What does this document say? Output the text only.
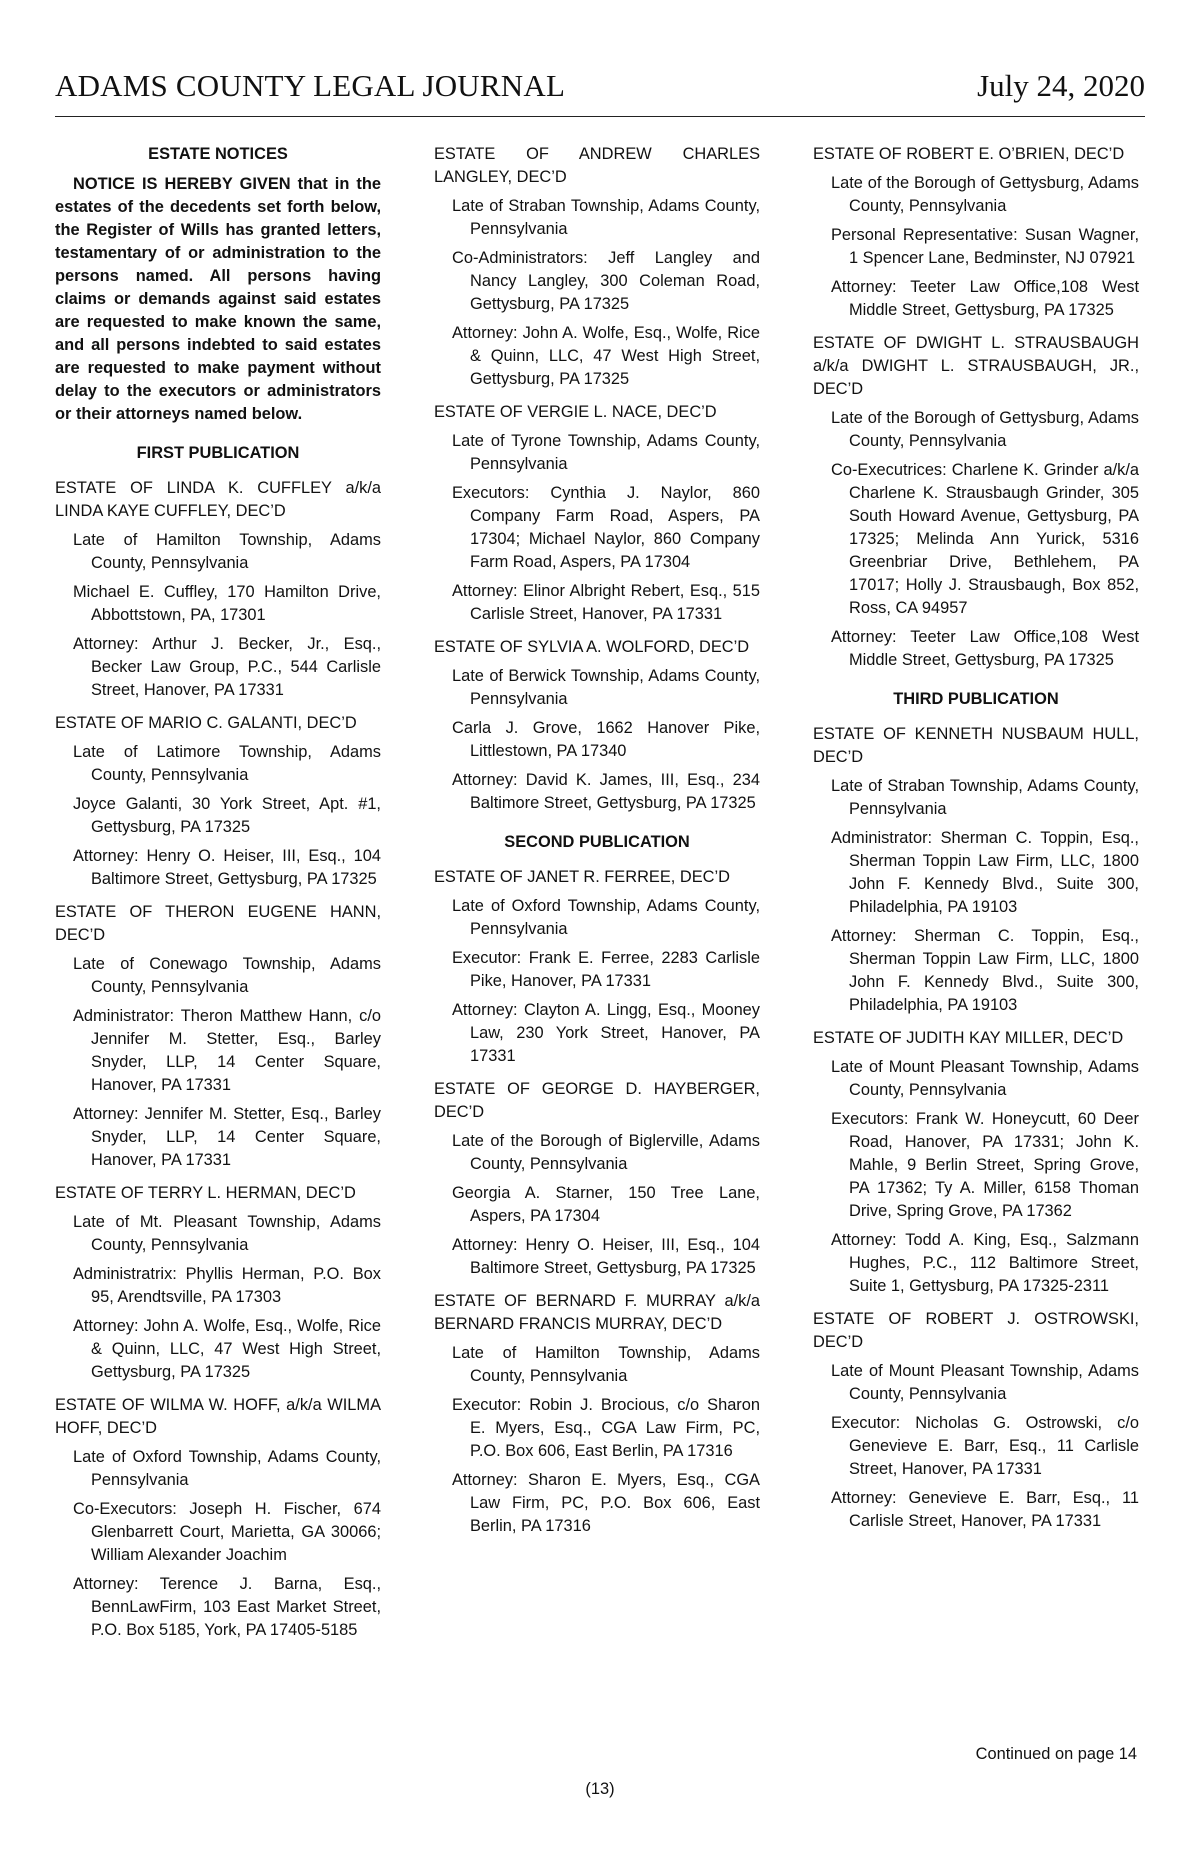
ADAMS COUNTY LEGAL JOURNAL	July 24, 2020
ESTATE NOTICES
NOTICE IS HEREBY GIVEN that in the estates of the decedents set forth below, the Register of Wills has granted letters, testamentary of or administration to the persons named. All persons having claims or demands against said estates are requested to make known the same, and all persons indebted to said estates are requested to make payment without delay to the executors or administrators or their attorneys named below.
FIRST PUBLICATION
ESTATE OF LINDA K. CUFFLEY a/k/a LINDA KAYE CUFFLEY, DEC’D
Late of Hamilton Township, Adams County, Pennsylvania
Michael E. Cuffley, 170 Hamilton Drive, Abbottstown, PA, 17301
Attorney: Arthur J. Becker, Jr., Esq., Becker Law Group, P.C., 544 Carlisle Street, Hanover, PA 17331
ESTATE OF MARIO C. GALANTI, DEC’D
Late of Latimore Township, Adams County, Pennsylvania
Joyce Galanti, 30 York Street, Apt. #1, Gettysburg, PA 17325
Attorney: Henry O. Heiser, III, Esq., 104 Baltimore Street, Gettysburg, PA 17325
ESTATE OF THERON EUGENE HANN, DEC’D
Late of Conewago Township, Adams County, Pennsylvania
Administrator: Theron Matthew Hann, c/o Jennifer M. Stetter, Esq., Barley Snyder, LLP, 14 Center Square, Hanover, PA 17331
Attorney: Jennifer M. Stetter, Esq., Barley Snyder, LLP, 14 Center Square, Hanover, PA 17331
ESTATE OF TERRY L. HERMAN, DEC’D
Late of Mt. Pleasant Township, Adams County, Pennsylvania
Administratrix: Phyllis Herman, P.O. Box 95, Arendtsville, PA 17303
Attorney: John A. Wolfe, Esq., Wolfe, Rice & Quinn, LLC, 47 West High Street, Gettysburg, PA 17325
ESTATE OF WILMA W. HOFF, a/k/a WILMA HOFF, DEC’D
Late of Oxford Township, Adams County, Pennsylvania
Co-Executors: Joseph H. Fischer, 674 Glenbarrett Court, Marietta, GA 30066; William Alexander Joachim
Attorney: Terence J. Barna, Esq., BennLawFirm, 103 East Market Street, P.O. Box 5185, York, PA 17405-5185
ESTATE OF ANDREW CHARLES LANGLEY, DEC’D
Late of Straban Township, Adams County, Pennsylvania
Co-Administrators: Jeff Langley and Nancy Langley, 300 Coleman Road, Gettysburg, PA 17325
Attorney: John A. Wolfe, Esq., Wolfe, Rice & Quinn, LLC, 47 West High Street, Gettysburg, PA 17325
ESTATE OF VERGIE L. NACE, DEC’D
Late of Tyrone Township, Adams County, Pennsylvania
Executors: Cynthia J. Naylor, 860 Company Farm Road, Aspers, PA 17304; Michael Naylor, 860 Company Farm Road, Aspers, PA 17304
Attorney: Elinor Albright Rebert, Esq., 515 Carlisle Street, Hanover, PA 17331
ESTATE OF SYLVIA A. WOLFORD, DEC’D
Late of Berwick Township, Adams County, Pennsylvania
Carla J. Grove, 1662 Hanover Pike, Littlestown, PA 17340
Attorney: David K. James, III, Esq., 234 Baltimore Street, Gettysburg, PA 17325
SECOND PUBLICATION
ESTATE OF JANET R. FERREE, DEC’D
Late of Oxford Township, Adams County, Pennsylvania
Executor: Frank E. Ferree, 2283 Carlisle Pike, Hanover, PA 17331
Attorney: Clayton A. Lingg, Esq., Mooney Law, 230 York Street, Hanover, PA 17331
ESTATE OF GEORGE D. HAYBERGER, DEC’D
Late of the Borough of Biglerville, Adams County, Pennsylvania
Georgia A. Starner, 150 Tree Lane, Aspers, PA 17304
Attorney: Henry O. Heiser, III, Esq., 104 Baltimore Street, Gettysburg, PA 17325
ESTATE OF BERNARD F. MURRAY a/k/a BERNARD FRANCIS MURRAY, DEC’D
Late of Hamilton Township, Adams County, Pennsylvania
Executor: Robin J. Brocious, c/o Sharon E. Myers, Esq., CGA Law Firm, PC, P.O. Box 606, East Berlin, PA 17316
Attorney: Sharon E. Myers, Esq., CGA Law Firm, PC, P.O. Box 606, East Berlin, PA 17316
ESTATE OF ROBERT E. O’BRIEN, DEC’D
Late of the Borough of Gettysburg, Adams County, Pennsylvania
Personal Representative: Susan Wagner, 1 Spencer Lane, Bedminster, NJ 07921
Attorney: Teeter Law Office,108 West Middle Street, Gettysburg, PA 17325
ESTATE OF DWIGHT L. STRAUSBAUGH a/k/a DWIGHT L. STRAUSBAUGH, JR., DEC’D
Late of the Borough of Gettysburg, Adams County, Pennsylvania
Co-Executrices: Charlene K. Grinder a/k/a Charlene K. Strausbaugh Grinder, 305 South Howard Avenue, Gettysburg, PA 17325; Melinda Ann Yurick, 5316 Greenbriar Drive, Bethlehem, PA 17017; Holly J. Strausbaugh, Box 852, Ross, CA 94957
Attorney: Teeter Law Office,108 West Middle Street, Gettysburg, PA 17325
THIRD PUBLICATION
ESTATE OF KENNETH NUSBAUM HULL, DEC’D
Late of Straban Township, Adams County, Pennsylvania
Administrator: Sherman C. Toppin, Esq., Sherman Toppin Law Firm, LLC, 1800 John F. Kennedy Blvd., Suite 300, Philadelphia, PA 19103
Attorney: Sherman C. Toppin, Esq., Sherman Toppin Law Firm, LLC, 1800 John F. Kennedy Blvd., Suite 300, Philadelphia, PA 19103
ESTATE OF JUDITH KAY MILLER, DEC’D
Late of Mount Pleasant Township, Adams County, Pennsylvania
Executors: Frank W. Honeycutt, 60 Deer Road, Hanover, PA 17331; John K. Mahle, 9 Berlin Street, Spring Grove, PA 17362; Ty A. Miller, 6158 Thoman Drive, Spring Grove, PA 17362
Attorney: Todd A. King, Esq., Salzmann Hughes, P.C., 112 Baltimore Street, Suite 1, Gettysburg, PA 17325-2311
ESTATE OF ROBERT J. OSTROWSKI, DEC’D
Late of Mount Pleasant Township, Adams County, Pennsylvania
Executor: Nicholas G. Ostrowski, c/o Genevieve E. Barr, Esq., 11 Carlisle Street, Hanover, PA 17331
Attorney: Genevieve E. Barr, Esq., 11 Carlisle Street, Hanover, PA 17331
Continued on page 14
(13)
